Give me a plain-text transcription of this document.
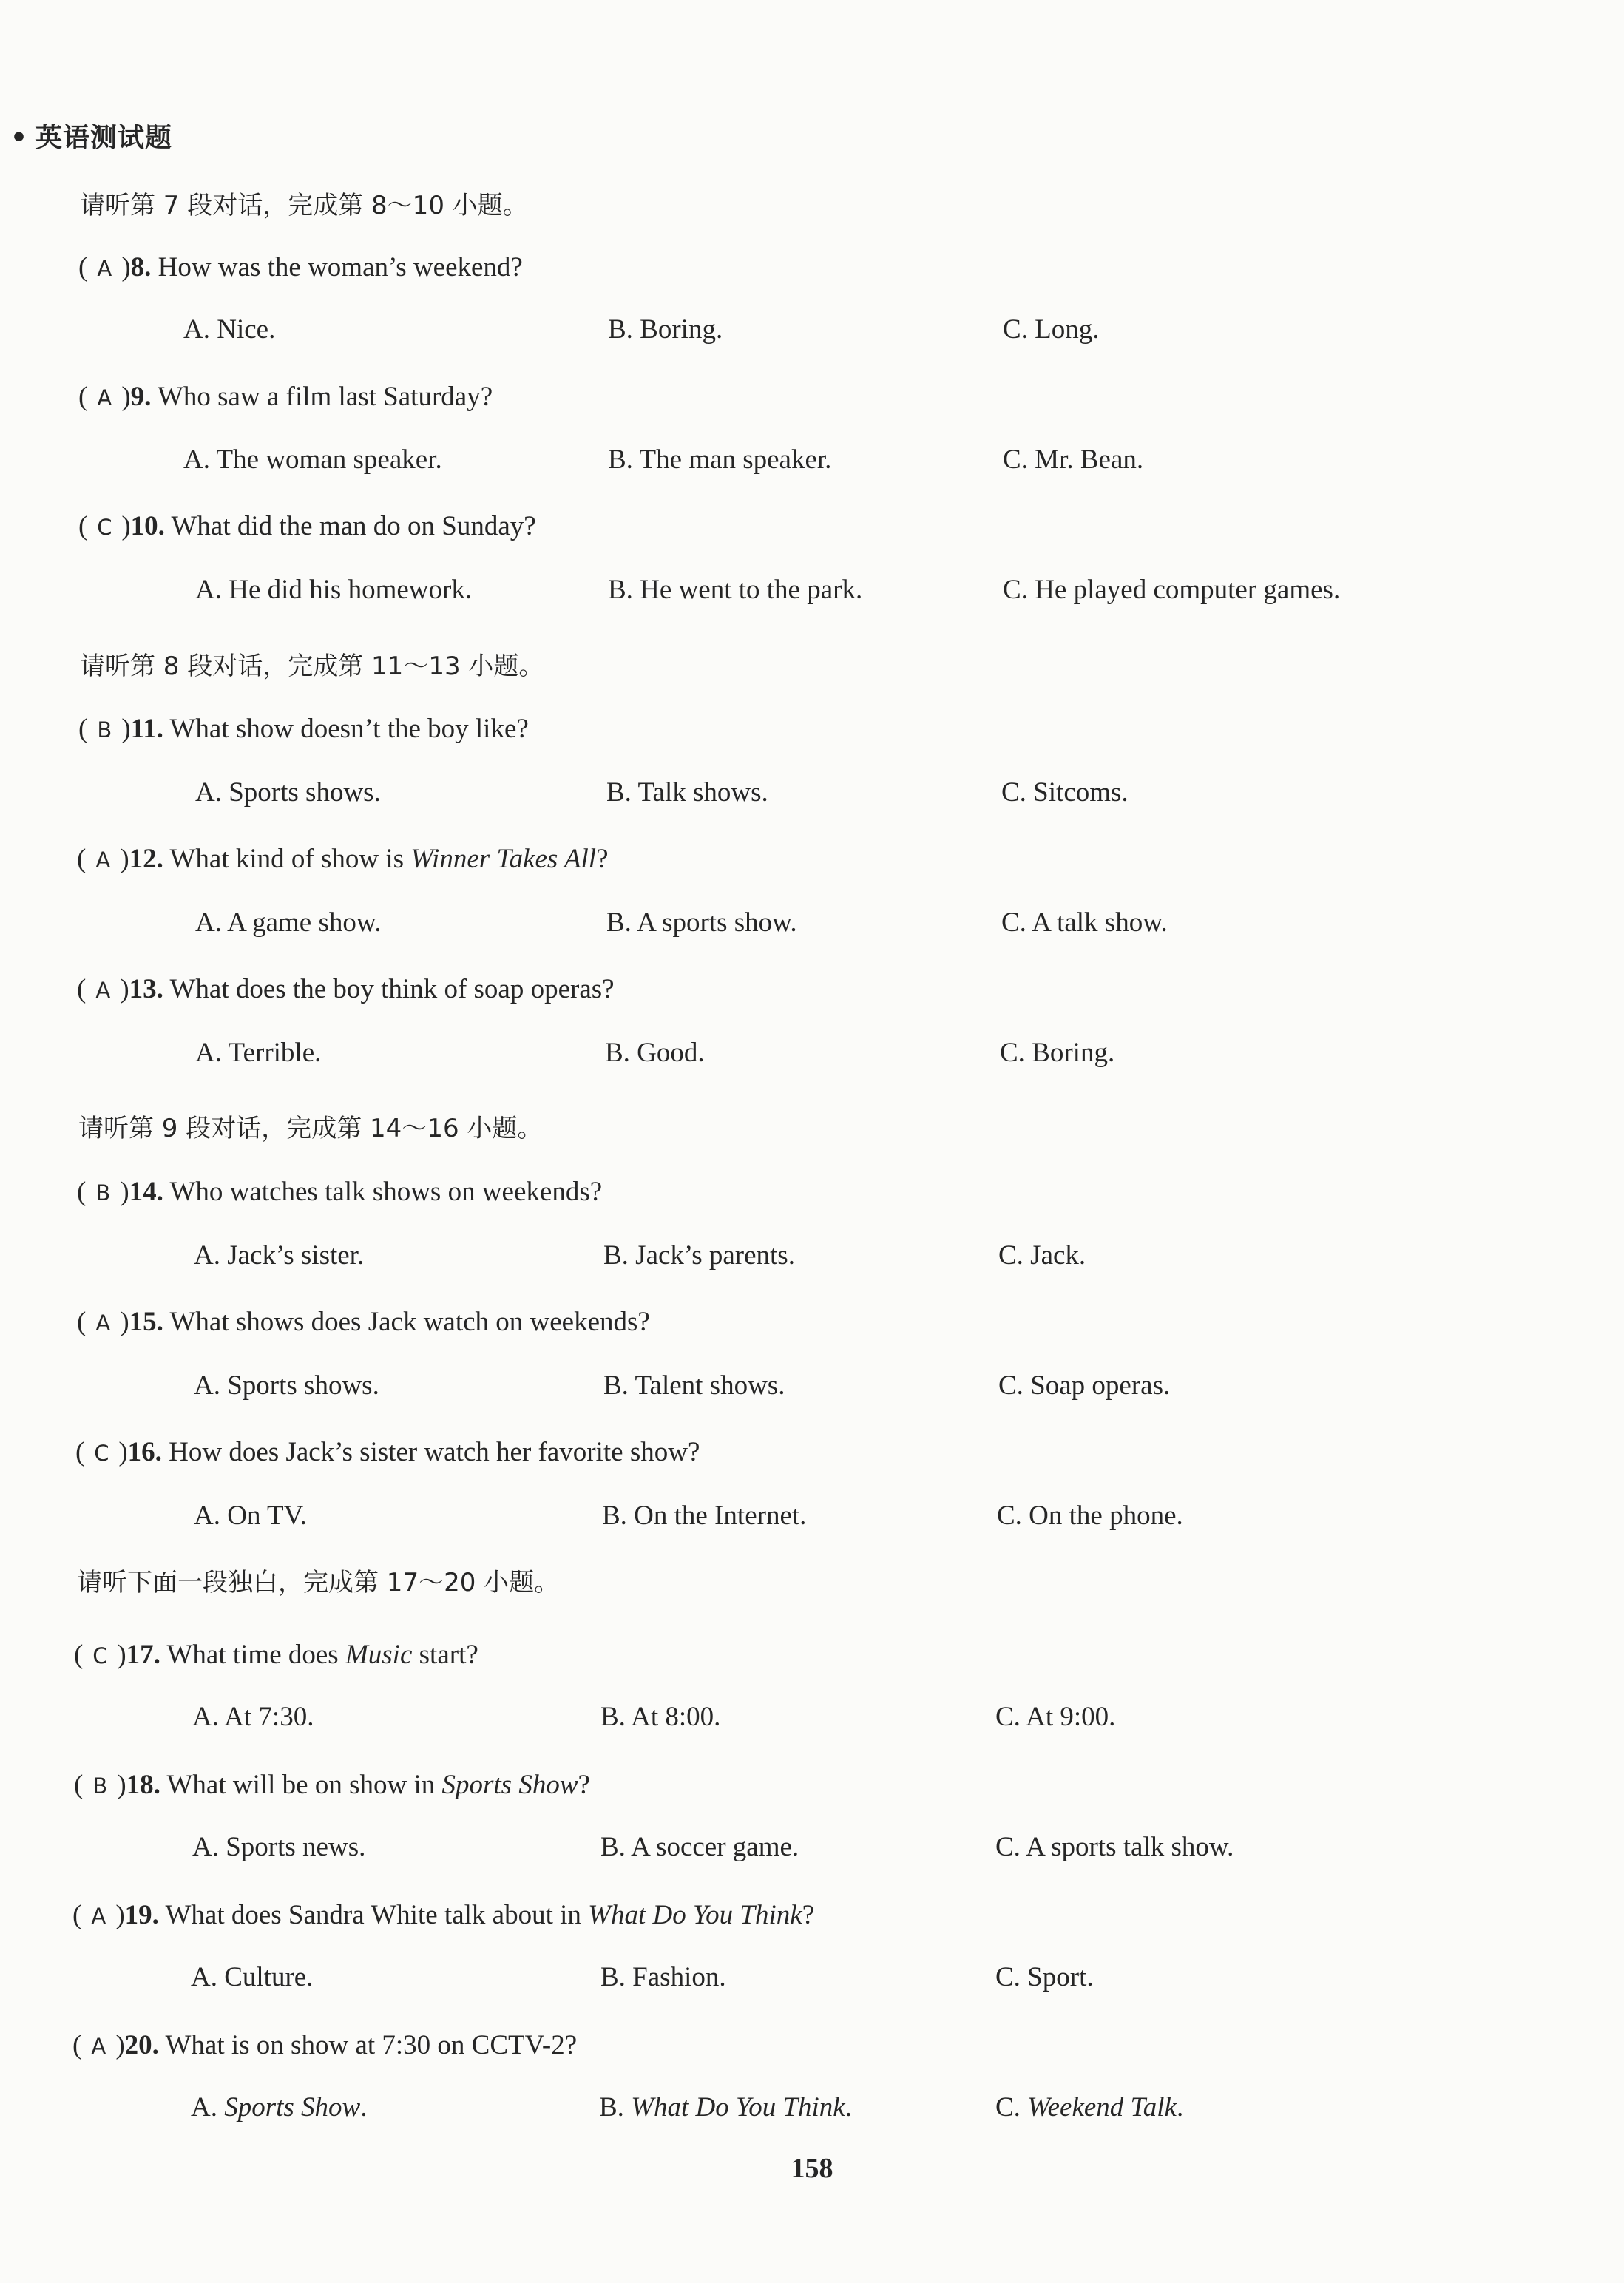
• 英语测试题
请听第 7 段对话，完成第 8～10 小题。
请听第 8 段对话，完成第 11～13 小题。
请听第 9 段对话，完成第 14～16 小题。
请听下面一段独白，完成第 17～20 小题。
( A )8. How was the woman’s weekend?
A. Nice.	B. Boring.	C. Long.
( A )9. Who saw a film last Saturday?
A. The woman speaker.	B. The man speaker.	C. Mr. Bean.
( C )10. What did the man do on Sunday?
A. He did his homework.	B. He went to the park.	C. He played computer games.
( B )11. What show doesn’t the boy like?
A. Sports shows.	B. Talk shows.	C. Sitcoms.
( A )12. What kind of show is Winner Takes All?
A. A game show.	B. A sports show.	C. A talk show.
( A )13. What does the boy think of soap operas?
A. Terrible.	B. Good.	C. Boring.
( B )14. Who watches talk shows on weekends?
A. Jack’s sister.	B. Jack’s parents.	C. Jack.
( A )15. What shows does Jack watch on weekends?
A. Sports shows.	B. Talent shows.	C. Soap operas.
( C )16. How does Jack’s sister watch her favorite show?
A. On TV.	B. On the Internet.	C. On the phone.
( C )17. What time does Music start?
A. At 7:30.	B. At 8:00.	C. At 9:00.
( B )18. What will be on show in Sports Show?
A. Sports news.	B. A soccer game.	C. A sports talk show.
( A )19. What does Sandra White talk about in What Do You Think?
A. Culture.	B. Fashion.	C. Sport.
( A )20. What is on show at 7:30 on CCTV-2?
A. Sports Show.	B. What Do You Think.	C. Weekend Talk.
158
